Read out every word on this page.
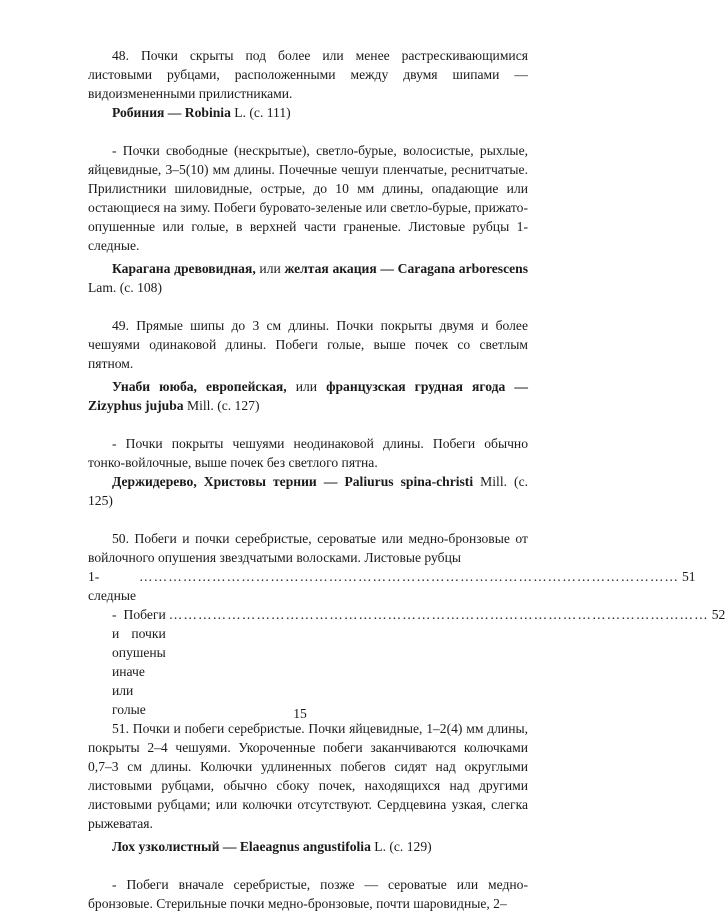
48. Почки скрыты под более или менее растрескивающимися листовыми рубцами, расположенными между двумя шипами — видоизмененными прилистниками.

Робиния — Robinia L. (с. 111)

- Почки свободные (нескрытые), светло-бурые, волосистые, рыхлые, яйцевидные, 3–5(10) мм длины. Почечные чешуи пленчатые, реснитчатые. Прилистники шиловидные, острые, до 10 мм длины, опадающие или остающиеся на зиму. Побеги буровато-зеленые или светло-бурые, прижато-опушенные или голые, в верхней части граненые. Листовые рубцы 1-следные.

Карагана древовидная, или желтая акация — Caragana arborescens Lam. (с. 108)

49. Прямые шипы до 3 см длины. Почки покрыты двумя и более чешуями одинаковой длины. Побеги голые, выше почек со светлым пятном.

Унаби ююба, европейская, или французская грудная ягода — Zizyphus jujuba Mill. (с. 127)

- Почки покрыты чешуями неодинаковой длины. Побеги обычно тонко-войлочные, выше почек без светлого пятна.

Держидерево, Христовы тернии — Paliurus spina-christi Mill. (с. 125)

50. Побеги и почки серебристые, сероватые или медно-бронзовые от войлочного опушения звездчатыми волосками. Листовые рубцы

1-следные
………………………………………………………………………………………………… 51

- Побеги и почки опушены иначе или голые
………………………………………………………………………………………………… 52

51. Почки и побеги серебристые. Почки яйцевидные, 1–2(4) мм длины, покрыты 2–4 чешуями. Укороченные побеги заканчиваются колючками 0,7–3 см длины. Колючки удлиненных побегов сидят над округлыми листовыми рубцами, обычно сбоку почек, находящихся над другими листовыми рубцами; или колючки отсутствуют. Сердцевина узкая, слегка рыжеватая.

Лох узколистный — Elaeagnus angustifolia L. (с. 129)

- Побеги вначале серебристые, позже — сероватые или медно-бронзовые. Стерильные почки медно-бронзовые, почти шаровидные, 2–

15
